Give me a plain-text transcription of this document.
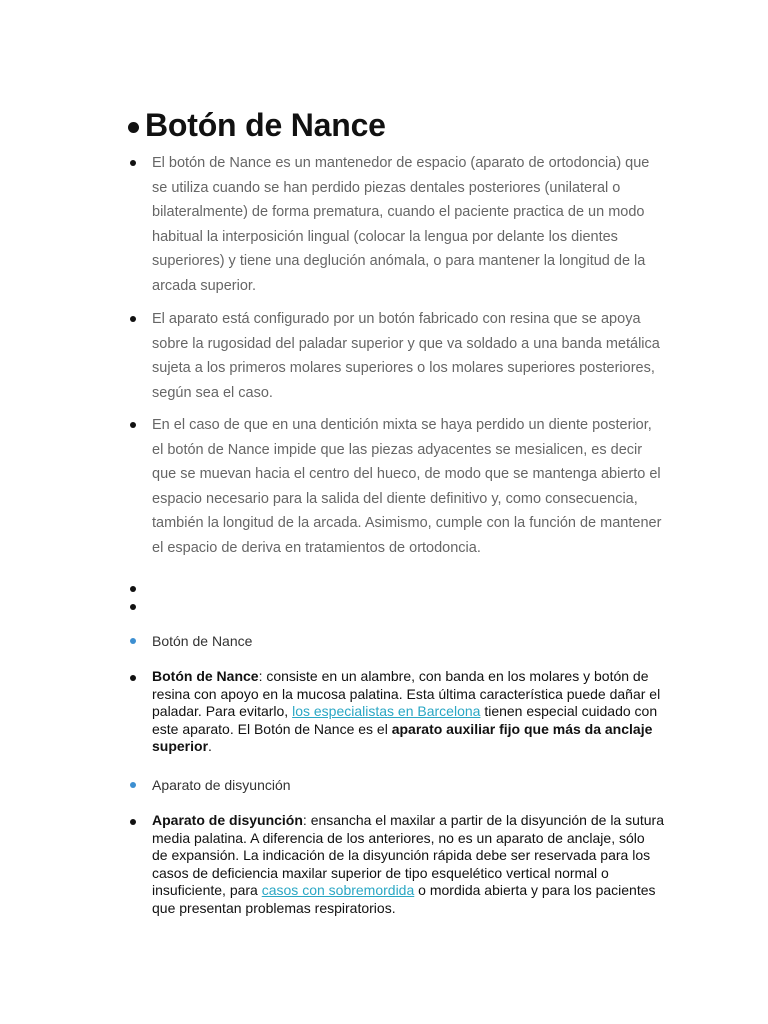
Botón de Nance
El botón de Nance es un mantenedor de espacio (aparato de ortodoncia) que se utiliza cuando se han perdido piezas dentales posteriores (unilateral o bilateralmente) de forma prematura, cuando el paciente practica de un modo habitual la interposición lingual (colocar la lengua por delante los dientes superiores) y tiene una deglución anómala, o para mantener la longitud de la arcada superior.
El aparato está configurado por un botón fabricado con resina que se apoya sobre la rugosidad del paladar superior y que va soldado a una banda metálica sujeta a los primeros molares superiores o los molares superiores posteriores, según sea el caso.
En el caso de que en una dentición mixta se haya perdido un diente posterior, el botón de Nance impide que las piezas adyacentes se mesialicen, es decir que se muevan hacia el centro del hueco, de modo que se mantenga abierto el espacio necesario para la salida del diente definitivo y, como consecuencia, también la longitud de la arcada. Asimismo, cumple con la función de mantener el espacio de deriva en tratamientos de ortodoncia.
Botón de Nance
Botón de Nance: consiste en un alambre, con banda en los molares y botón de resina con apoyo en la mucosa palatina. Esta última característica puede dañar el paladar. Para evitarlo, los especialistas en Barcelona tienen especial cuidado con este aparato. El Botón de Nance es el aparato auxiliar fijo que más da anclaje superior.
Aparato de disyunción
Aparato de disyunción: ensancha el maxilar a partir de la disyunción de la sutura media palatina. A diferencia de los anteriores, no es un aparato de anclaje, sólo de expansión. La indicación de la disyunción rápida debe ser reservada para los casos de deficiencia maxilar superior de tipo esquelético vertical normal o insuficiente, para casos con sobremordida o mordida abierta y para los pacientes que presentan problemas respiratorios.
